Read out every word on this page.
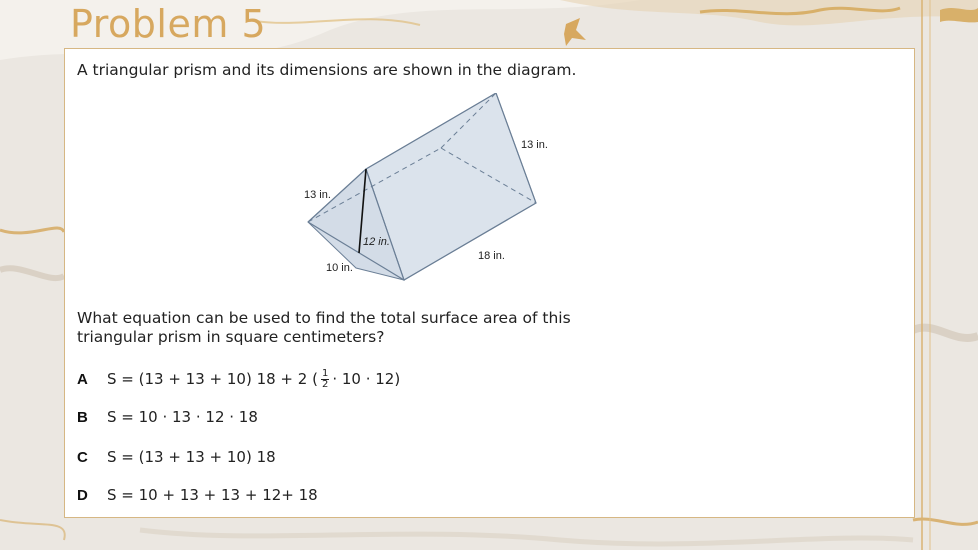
Problem 5
A triangular prism and its dimensions are shown in the diagram.
13 in.
13 in.
12 in.
10 in.
18 in.
What equation can be used to find the total surface area of this
triangular prism in square centimeters?
A	S = (13 + 13 + 10) 18 + 2 ( $\frac{1}{2} \cdot 10 \cdot 12$)
B	S = 10 · 13 · 12 · 18
C	S = (13 + 13 + 10) 18
D	S = 10 + 13 + 13 + 12+ 18
